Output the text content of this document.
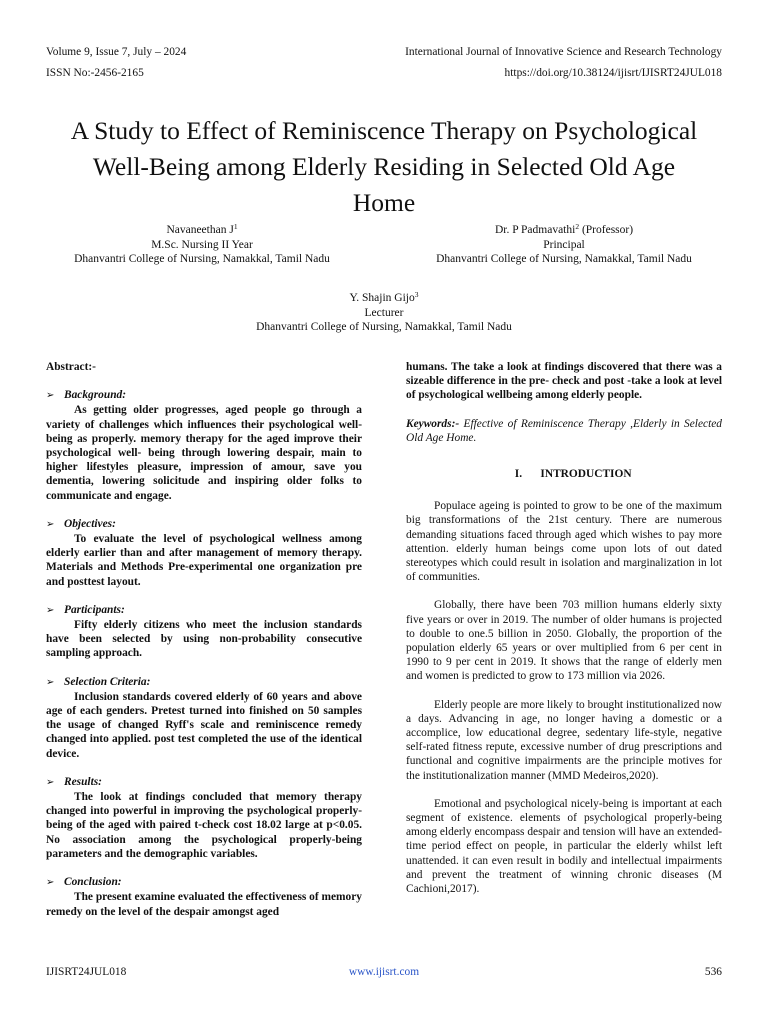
Volume 9, Issue 7, July – 2024	International Journal of Innovative Science and Research Technology
ISSN No:-2456-2165	https://doi.org/10.38124/ijisrt/IJISRT24JUL018
A Study to Effect of Reminiscence Therapy on Psychological Well-Being among Elderly Residing in Selected Old Age Home
Navaneethan $J^1$
M.Sc. Nursing II Year
Dhanvantri College of Nursing, Namakkal, Tamil Nadu
Dr. P Padmavathi$^2$ (Professor)
Principal
Dhanvantri College of Nursing, Namakkal, Tamil Nadu
Y. Shajin Gijo$^3$
Lecturer
Dhanvantri College of Nursing, Namakkal, Tamil Nadu
Abstract:-
➢ Background:

As getting older progresses, aged people go through a variety of challenges which influences their psychological well-being as properly. memory therapy for the aged improve their psychological well- being through lowering despair, main to higher lifestyles pleasure, impression of amour, save you dementia, lowering solicitude and inspiring older folks to communicate and engage.

➢ Objectives:

To evaluate the level of psychological wellness among elderly earlier than and after management of memory therapy. Materials and Methods Pre-experimental one organization pre and posttest layout.

➢ Participants:

Fifty elderly citizens who meet the inclusion standards have been selected by using non-probability consecutive sampling approach.

➢ Selection Criteria:

Inclusion standards covered elderly of 60 years and above age of each genders. Pretest turned into finished on 50 samples the usage of changed Ryff's scale and reminiscence remedy changed into applied. post test completed the use of the identical device.

➢ Results:

The look at findings concluded that memory therapy changed into powerful in improving the psychological properly-being of the aged with paired t-check cost 18.02 large at p<0.05. No association among the psychological properly-being parameters and the demographic variables.

➢ Conclusion:

The present examine evaluated the effectiveness of memory remedy on the level of the despair amongst aged

humans. The take a look at findings discovered that there was a sizeable difference in the pre- check and post -take a look at level of psychological wellbeing among elderly people.

Keywords:- Effective of Reminiscence Therapy ,Elderly in Selected Old Age Home.

I. INTRODUCTION

Populace ageing is pointed to grow to be one of the maximum big transformations of the 21st century. There are numerous demanding situations faced through aged which wishes to pay more attention. elderly human beings come upon lots of out dated stereotypes which could result in isolation and marginalization in lot of communities.

Globally, there have been 703 million humans elderly sixty five years or over in 2019. The number of older humans is projected to double to one.5 billion in 2050. Globally, the proportion of the population elderly 65 years or over multiplied from 6 per cent in 1990 to 9 per cent in 2019. It shows that the range of elderly men and women is predicted to grow to 173 million via 2026.

Elderly people are more likely to brought institutionalized now a days. Advancing in age, no longer having a domestic or a accomplice, low educational degree, sedentary life-style, negative self-rated fitness repute, excessive number of drug prescriptions and functional and cognitive impairments are the principle motives for the institutionalization manner (MMD Medeiros,2020).

Emotional and psychological nicely-being is important at each segment of existence. elements of psychological properly-being among elderly encompass despair and tension will have an extended-time period effect on people, in particular the elderly whilst left unattended. it can even result in bodily and intellectual impairments and prevent the treatment of winning chronic diseases (M Cachioni,2017).

IJISRT24JUL018	www.ijisrt.com	536
